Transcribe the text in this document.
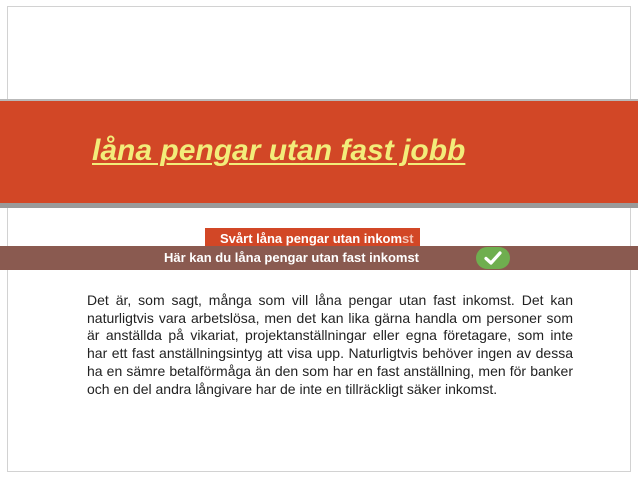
låna pengar utan fast jobb
Svårt låna pengar utan inkomst
Här kan du låna pengar utan fast inkomst

Det är, som sagt, många som vill låna pengar utan fast inkomst. Det kan naturligtvis vara arbetslösa, men det kan lika gärna handla om personer som är anställda på vikariat, projektanställningar eller egna företagare, som inte har ett fast anställningsintyg att visa upp. Naturligtvis behöver ingen av dessa ha en sämre betalförmåga än den som har en fast anställning, men för banker och en del andra långivare har de inte en tillräckligt säker inkomst.
